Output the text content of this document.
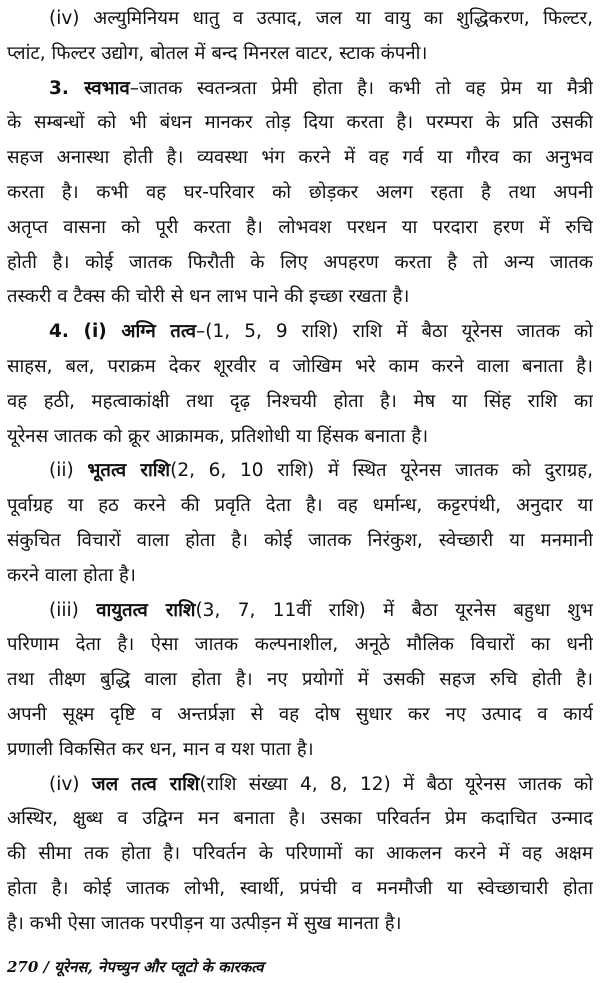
(iv) अल्युमिनियम धातु व उत्पाद, जल या वायु का शुद्धिकरण, फिल्टर,
प्लांट, फिल्टर उद्योग, बोतल में बन्द मिनरल वाटर, स्टाक कंपनी।
3. स्वभाव–जातक स्वतन्त्रता प्रेमी होता है। कभी तो वह प्रेम या मैत्री
के सम्बन्धों को भी बंधन मानकर तोड़ दिया करता है। परम्परा के प्रति उसकी
सहज अनास्था होती है। व्यवस्था भंग करने में वह गर्व या गौरव का अनुभव
करता है। कभी वह घर-परिवार को छोड़कर अलग रहता है तथा अपनी
अतृप्त वासना को पूरी करता है। लोभवश परधन या परदारा हरण में रुचि
होती है। कोई जातक फिरौती के लिए अपहरण करता है तो अन्य जातक
तस्करी व टैक्स की चोरी से धन लाभ पाने की इच्छा रखता है।
4. (i) अग्नि तत्व–(1, 5, 9 राशि) राशि में बैठा यूरेनस जातक को
साहस, बल, पराक्रम देकर शूरवीर व जोखिम भरे काम करने वाला बनाता है।
वह हठी, महत्वाकांक्षी तथा दृढ़ निश्चयी होता है। मेष या सिंह राशि का
यूरेनस जातक को क्रूर आक्रामक, प्रतिशोधी या हिंसक बनाता है।
(ii) भूतत्व राशि(2, 6, 10 राशि) में स्थित यूरेनस जातक को दुराग्रह,
पूर्वाग्रह या हठ करने की प्रवृति देता है। वह धर्मान्ध, कट्टरपंथी, अनुदार या
संकुचित विचारों वाला होता है। कोई जातक निरंकुश, स्वेच्छारी या मनमानी
करने वाला होता है।
(iii) वायुतत्व राशि(3, 7, 11वीं राशि) में बैठा यूरनेस बहुधा शुभ
परिणाम देता है। ऐसा जातक कल्पनाशील, अनूठे मौलिक विचारों का धनी
तथा तीक्ष्ण बुद्धि वाला होता है। नए प्रयोगों में उसकी सहज रुचि होती है।
अपनी सूक्ष्म दृष्टि व अन्तर्प्रज्ञा से वह दोष सुधार कर नए उत्पाद व कार्य
प्रणाली विकसित कर धन, मान व यश पाता है।
(iv) जल तत्व राशि(राशि संख्या 4, 8, 12) में बैठा यूरेनस जातक को
अस्थिर, क्षुब्ध व उद्विग्न मन बनाता है। उसका परिवर्तन प्रेम कदाचित उन्माद
की सीमा तक होता है। परिवर्तन के परिणामों का आकलन करने में वह अक्षम
होता है। कोई जातक लोभी, स्वार्थी, प्रपंची व मनमौजी या स्वेच्छाचारी होता
है। कभी ऐसा जातक परपीड़न या उत्पीड़न में सुख मानता है।
270 / यूरेनस, नेपच्युन और प्लूटो के कारकत्व
